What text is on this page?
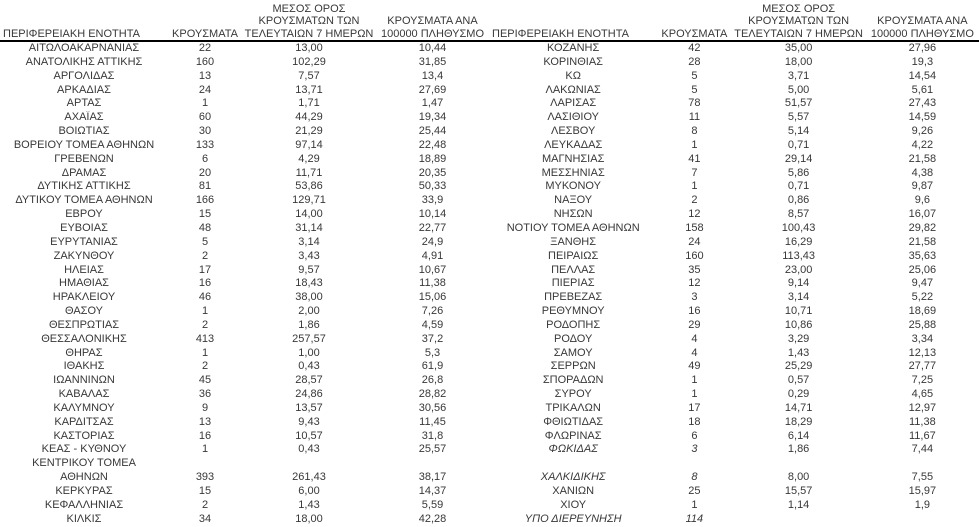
ΠΕΡΙΦΕΡΕΙΑΚΗ ΕΝΟΤΗΤΑ	ΚΡΟΥΣΜΑΤΑ	ΜΕΣΟΣ ΟΡΟΣ
ΚΡΟΥΣΜΑΤΩΝ ΤΩΝ
ΤΕΛΕΥΤΑΙΩΝ 7 ΗΜΕΡΩΝ	ΚΡΟΥΣΜΑΤΑ ΑΝΑ
100000 ΠΛΗΘΥΣΜΟ

ΑΙΤΩΛΟΑΚΑΡΝΑΝΙΑΣ	22	13,00	10,44
ΑΝΑΤΟΛΙΚΗΣ ΑΤΤΙΚΗΣ	160	102,29	31,85
ΑΡΓΟΛΙΔΑΣ	13	7,57	13,4
ΑΡΚΑΔΙΑΣ	24	13,71	27,69
ΑΡΤΑΣ	1	1,71	1,47
ΑΧΑΪΑΣ	60	44,29	19,34
ΒΟΙΩΤΙΑΣ	30	21,29	25,44
ΒΟΡΕΙΟΥ ΤΟΜΕΑ ΑΘΗΝΩΝ	133	97,14	22,48
ΓΡΕΒΕΝΩΝ	6	4,29	18,89
ΔΡΑΜΑΣ	20	11,71	20,35
ΔΥΤΙΚΗΣ ΑΤΤΙΚΗΣ	81	53,86	50,33
ΔΥΤΙΚΟΥ ΤΟΜΕΑ ΑΘΗΝΩΝ	166	129,71	33,9
ΕΒΡΟΥ	15	14,00	10,14
ΕΥΒΟΙΑΣ	48	31,14	22,77
ΕΥΡΥΤΑΝΙΑΣ	5	3,14	24,9
ΖΑΚΥΝΘΟΥ	2	3,43	4,91
ΗΛΕΙΑΣ	17	9,57	10,67
ΗΜΑΘΙΑΣ	16	18,43	11,38
ΗΡΑΚΛΕΙΟΥ	46	38,00	15,06
ΘΑΣΟΥ	1	2,00	7,26
ΘΕΣΠΡΩΤΙΑΣ	2	1,86	4,59
ΘΕΣΣΑΛΟΝΙΚΗΣ	413	257,57	37,2
ΘΗΡΑΣ	1	1,00	5,3
ΙΘΑΚΗΣ	2	0,43	61,9
ΙΩΑΝΝΙΝΩΝ	45	28,57	26,8
ΚΑΒΑΛΑΣ	36	24,86	28,82
ΚΑΛΥΜΝΟΥ	9	13,57	30,56
ΚΑΡΔΙΤΣΑΣ	13	9,43	11,45
ΚΑΣΤΟΡΙΑΣ	16	10,57	31,8
ΚΕΑΣ - ΚΥΘΝΟΥ	1	0,43	25,57
ΚΕΝΤΡΙΚΟΥ ΤΟΜΕΑ			
ΑΘΗΝΩΝ	393	261,43	38,17
ΚΕΡΚΥΡΑΣ	15	6,00	14,37
ΚΕΦΑΛΛΗΝΙΑΣ	2	1,43	5,59
ΚΙΛΚΙΣ	34	18,00	42,28
ΠΕΡΙΦΕΡΕΙΑΚΗ ΕΝΟΤΗΤΑ	ΚΡΟΥΣΜΑΤΑ	ΜΕΣΟΣ ΟΡΟΣ
ΚΡΟΥΣΜΑΤΩΝ ΤΩΝ
ΤΕΛΕΥΤΑΙΩΝ 7 ΗΜΕΡΩΝ	ΚΡΟΥΣΜΑΤΑ ΑΝΑ
100000 ΠΛΗΘΥΣΜΟ

ΚΟΖΑΝΗΣ	42	35,00	27,96
ΚΟΡΙΝΘΙΑΣ	28	18,00	19,3
ΚΩ	5	3,71	14,54
ΛΑΚΩΝΙΑΣ	5	5,00	5,61
ΛΑΡΙΣΑΣ	78	51,57	27,43
ΛΑΣΙΘΙΟΥ	11	5,57	14,59
ΛΕΣΒΟΥ	8	5,14	9,26
ΛΕΥΚΑΔΑΣ	1	0,71	4,22
ΜΑΓΝΗΣΙΑΣ	41	29,14	21,58
ΜΕΣΣΗΝΙΑΣ	7	5,86	4,38
ΜΥΚΟΝΟΥ	1	0,71	9,87
ΝΑΞΟΥ	2	0,86	9,6
ΝΗΣΩΝ	12	8,57	16,07
ΝΟΤΙΟΥ ΤΟΜΕΑ ΑΘΗΝΩΝ	158	100,43	29,82
ΞΑΝΘΗΣ	24	16,29	21,58
ΠΕΙΡΑΙΩΣ	160	113,43	35,63
ΠΕΛΛΑΣ	35	23,00	25,06
ΠΙΕΡΙΑΣ	12	9,14	9,47
ΠΡΕΒΕΖΑΣ	3	3,14	5,22
ΡΕΘΥΜΝΟΥ	16	10,71	18,69
ΡΟΔΟΠΗΣ	29	10,86	25,88
ΡΟΔΟΥ	4	3,29	3,34
ΣΑΜΟΥ	4	1,43	12,13
ΣΕΡΡΩΝ	49	25,29	27,77
ΣΠΟΡΑΔΩΝ	1	0,57	7,25
ΣΥΡΟΥ	1	0,29	4,65
ΤΡΙΚΑΛΩΝ	17	14,71	12,97
ΦΘΙΩΤΙΔΑΣ	18	18,29	11,38
ΦΛΩΡΙΝΑΣ	6	6,14	11,67
ΦΩΚΙΔΑΣ	3	1,86	7,44

ΧΑΛΚΙΔΙΚΗΣ	8	8,00	7,55
ΧΑΝΙΩΝ	25	15,57	15,97
ΧΙΟΥ	1	1,14	1,9
ΥΠΟ ΔΙΕΡΕΥΝΗΣΗ	114		
